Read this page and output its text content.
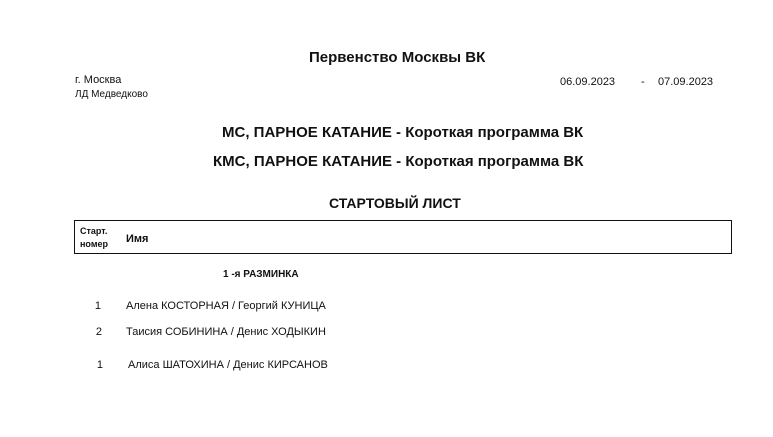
Первенство Москвы ВК
г. Москва
ЛД Медведково
06.09.2023 - 07.09.2023
МС, ПАРНОЕ КАТАНИЕ - Короткая программа ВК
КМС, ПАРНОЕ КАТАНИЕ - Короткая программа ВК
СТАРТОВЫЙ ЛИСТ
Старт.
номер Имя
1 -я РАЗМИНКА
1 Алена КОСТОРНАЯ / Георгий КУНИЦА
2 Таисия СОБИНИНА / Денис ХОДЫКИН
1 Алиса ШАТОХИНА / Денис КИРСАНОВ
